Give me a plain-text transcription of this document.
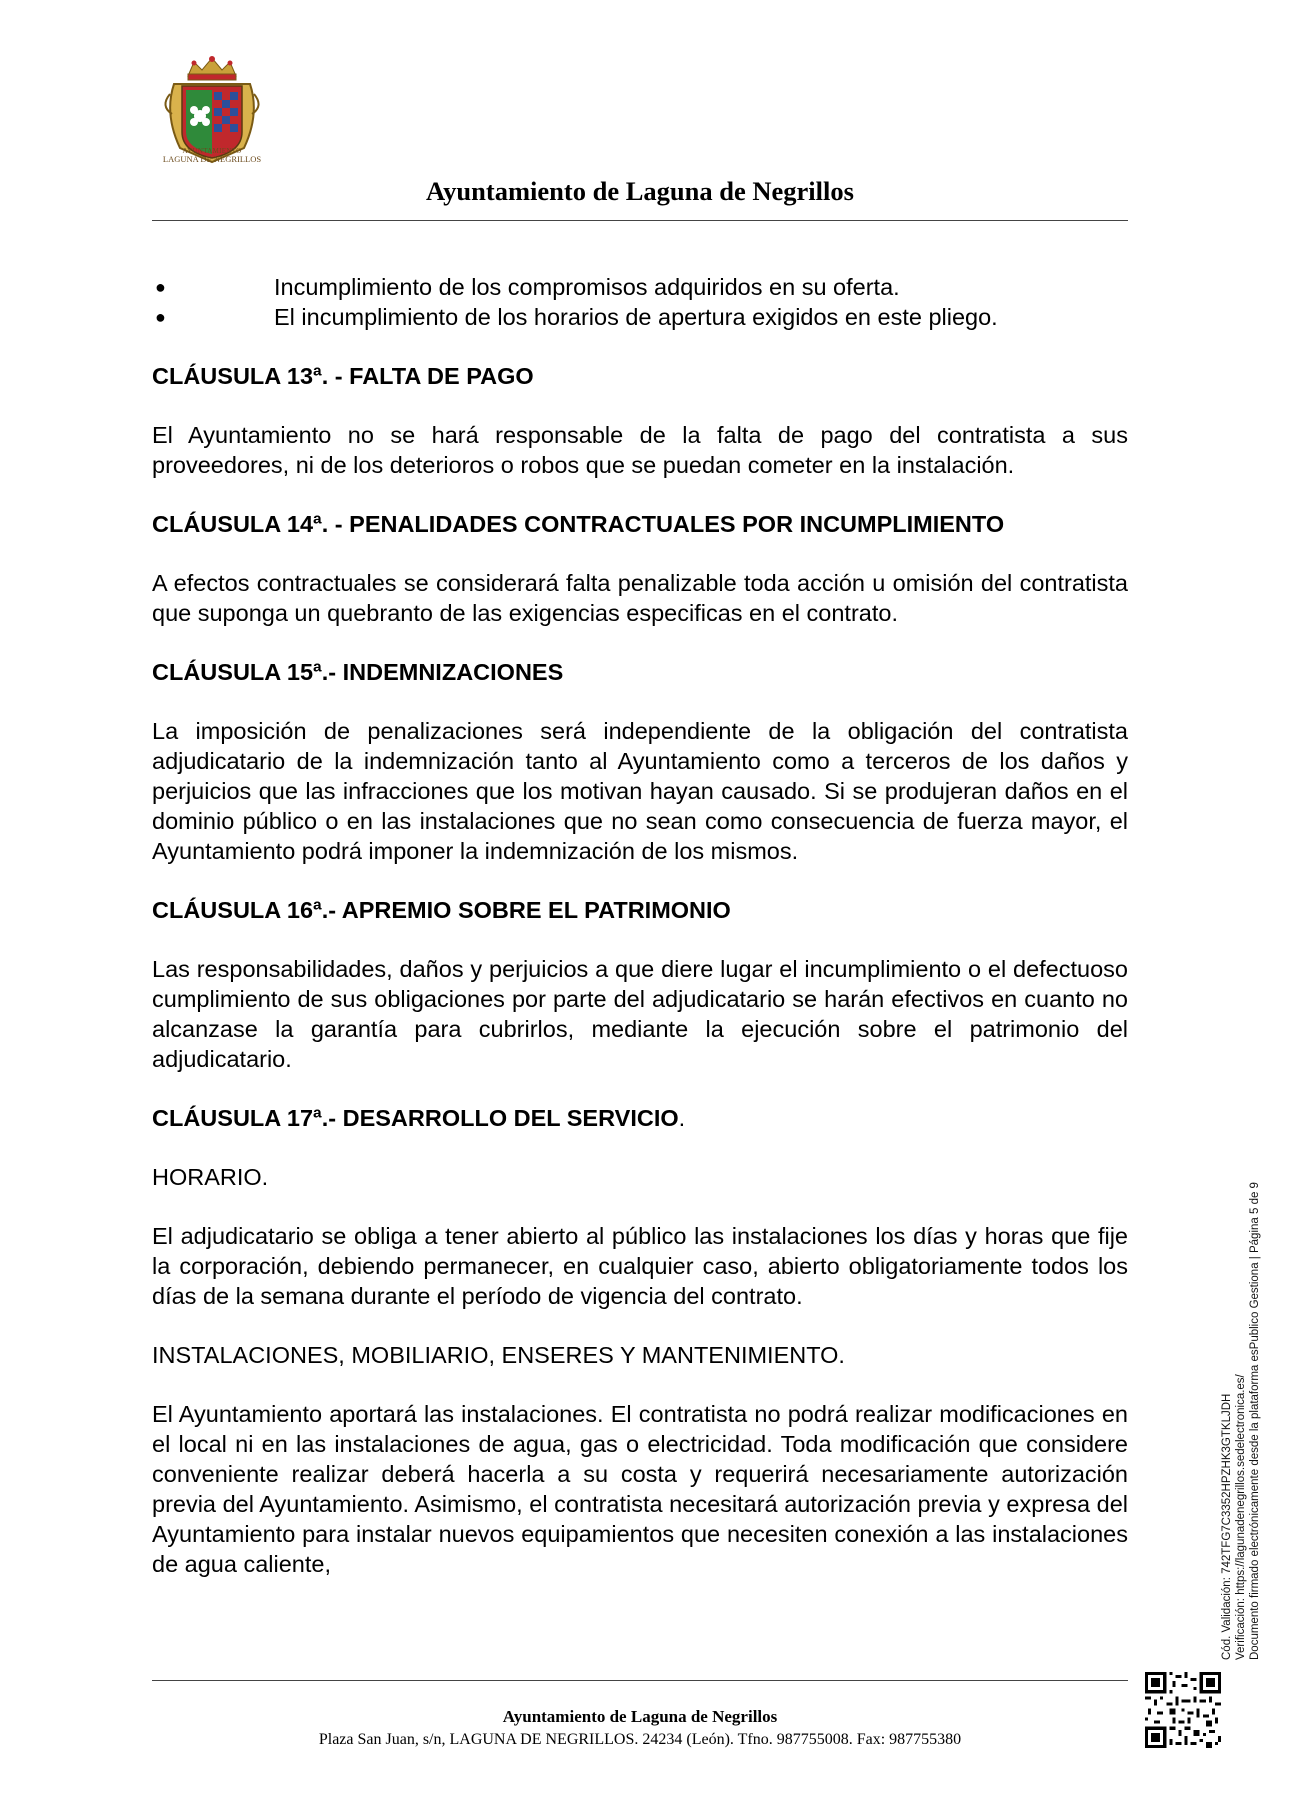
AYUNTAMIENTO
LAGUNA DE NEGRILLOS
Ayuntamiento de Laguna de Negrillos

●	Incumplimiento de los compromisos adquiridos en su oferta.

●	El incumplimiento de los horarios de apertura exigidos en este pliego.

CLÁUSULA 13ª. - FALTA DE PAGO

El Ayuntamiento no se hará responsable de la falta de pago del contratista a sus proveedores, ni de los deterioros o robos que se puedan cometer en la instalación.

CLÁUSULA 14ª. - PENALIDADES CONTRACTUALES POR INCUMPLIMIENTO

A efectos contractuales se considerará falta penalizable toda acción u omisión del contratista que suponga un quebranto de las exigencias especificas en el contrato.

CLÁUSULA 15ª.- INDEMNIZACIONES

La imposición de penalizaciones será independiente de la obligación del contratista adjudicatario de la indemnización tanto al Ayuntamiento como a terceros de los daños y perjuicios que las infracciones que los motivan hayan causado. Si se produjeran daños en el dominio público o en las instalaciones que no sean como consecuencia de fuerza mayor, el Ayuntamiento podrá imponer la indemnización de los mismos.

CLÁUSULA 16ª.- APREMIO SOBRE EL PATRIMONIO

Las responsabilidades, daños y perjuicios a que diere lugar el incumplimiento o el defectuoso cumplimiento de sus obligaciones por parte del adjudicatario se harán efectivos en cuanto no alcanzase la garantía para cubrirlos, mediante la ejecución sobre el patrimonio del adjudicatario.

CLÁUSULA 17ª.- DESARROLLO DEL SERVICIO.

HORARIO.

El adjudicatario se obliga a tener abierto al público las instalaciones los días y horas que fije la corporación, debiendo permanecer, en cualquier caso, abierto obligatoriamente todos los días de la semana durante el período de vigencia del contrato.

INSTALACIONES, MOBILIARIO, ENSERES Y MANTENIMIENTO.

El Ayuntamiento aportará las instalaciones. El contratista no podrá realizar modificaciones en el local ni en las instalaciones de agua, gas o electricidad. Toda modificación que considere conveniente realizar deberá hacerla a su costa y requerirá necesariamente autorización previa del Ayuntamiento. Asimismo, el contratista necesitará autorización previa y expresa del Ayuntamiento para instalar nuevos equipamientos que necesiten conexión a las instalaciones de agua caliente,	Cód. Validación: 742TFG7C3352HPZHK3GTKLJDH Verificación: https://lagunadenegrillos.sedelectronica.es/ Documento firmado electrónicamente desde la plataforma esPublico Gestiona | Página 5 de 9
Ayuntamiento de Laguna de Negrillos
Plaza San Juan, s/n, LAGUNA DE NEGRILLOS. 24234 (León). Tfno. 987755008. Fax: 987755380
